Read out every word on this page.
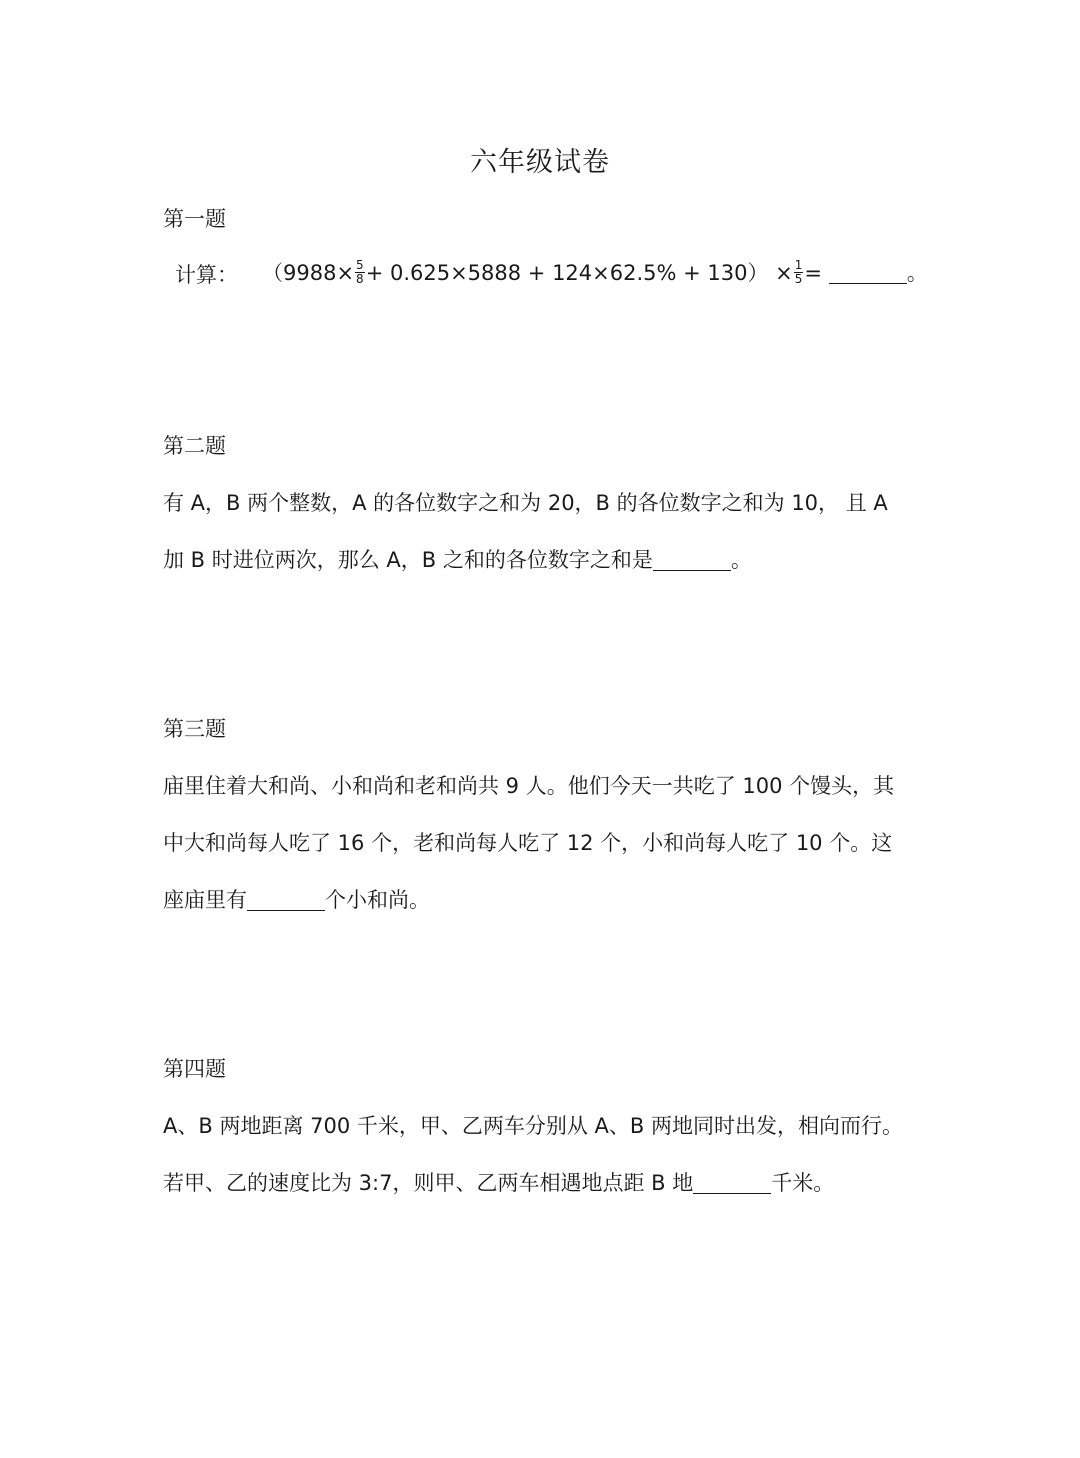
六年级试卷
第一题
计算： $(9988\times \frac{5}{8} + 0.625\times 5888 + 124\times 62.5\% + 130) \times \frac{1}{5}$ =	。
第二题
有 A，B 两个整数，A 的各位数字之和为 20，B 的各位数字之和为 10， 且 A
加 B 时进位两次，那么 A，B 之和的各位数字之和是	。
第三题
庙里住着大和尚、小和尚和老和尚共 9 人。他们今天一共吃了 100 个馒头，其
中大和尚每人吃了 16 个，老和尚每人吃了 12 个，小和尚每人吃了 10 个。这
座庙里有	个小和尚。
第四题
A、B 两地距离 700 千米，甲、乙两车分别从 A、B 两地同时出发，相向而行。
若甲、乙的速度比为 3:7，则甲、乙两车相遇地点距 B 地	千米。
